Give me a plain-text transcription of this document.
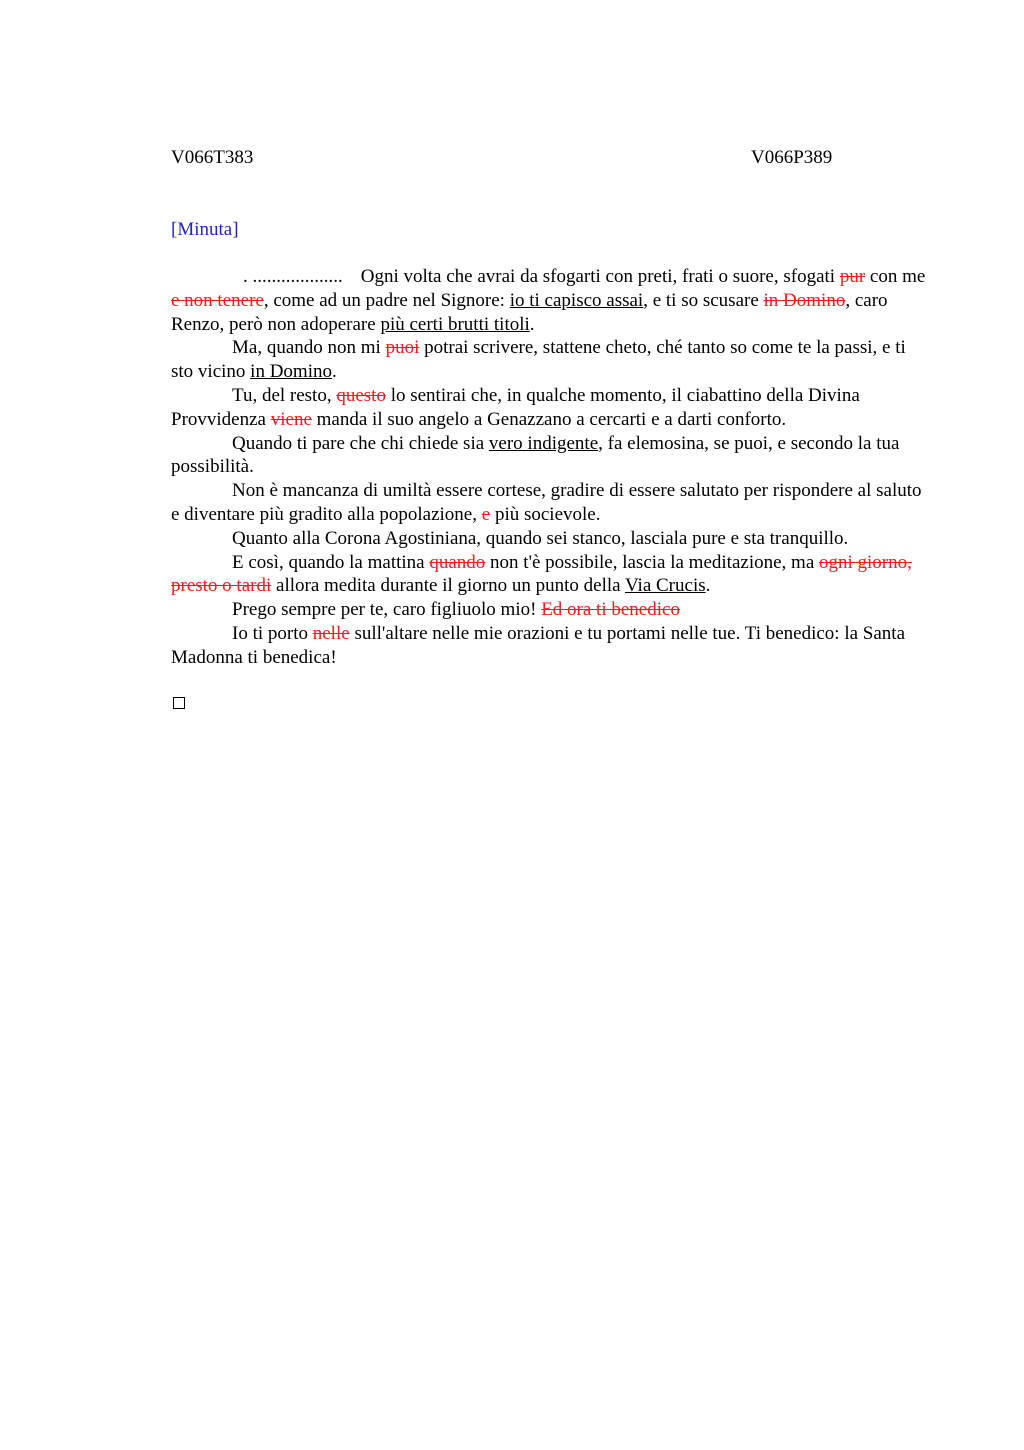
V066T383	V066P389
[Minuta]

. ................... Ogni volta che avrai da sfogarti con preti, frati o suore, sfogati pur con me e non tenere, come ad un padre nel Signore: io ti capisco assai, e ti so scusare in Domino, caro Renzo, però non adoperare più certi brutti titoli.

Ma, quando non mi puoi potrai scrivere, stattene cheto, ché tanto so come te la passi, e ti sto vicino in Domino.

Tu, del resto, questo lo sentirai che, in qualche momento, il ciabattino della Divina Provvidenza viene manda il suo angelo a Genazzano a cercarti e a darti conforto.

Quando ti pare che chi chiede sia vero indigente, fa elemosina, se puoi, e secondo la tua possibilità.

Non è mancanza di umiltà essere cortese, gradire di essere salutato per rispondere al saluto e diventare più gradito alla popolazione, e più socievole.

Quanto alla Corona Agostiniana, quando sei stanco, lasciala pure e sta tranquillo.

E così, quando la mattina quando non t'è possibile, lascia la meditazione, ma ogni giorno, presto o tardi allora medita durante il giorno un punto della Via Crucis.

Prego sempre per te, caro figliuolo mio! Ed ora ti benedico

Io ti porto nelle sull'altare nelle mie orazioni e tu portami nelle tue. Ti benedico: la Santa Madonna ti benedica!
